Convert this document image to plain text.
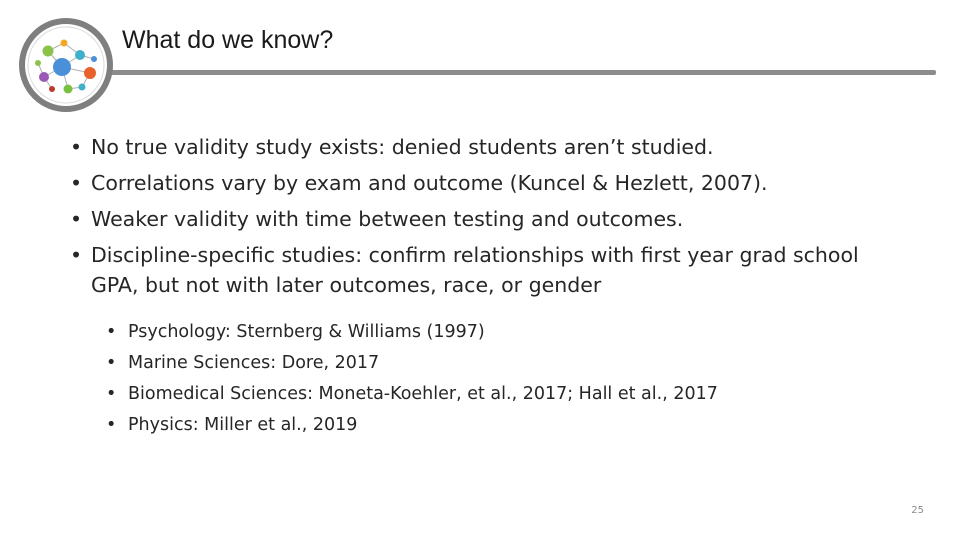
What do we know?
• No true validity study exists: denied students aren’t studied.
• Correlations vary by exam and outcome (Kuncel & Hezlett, 2007).
• Weaker validity with time between testing and outcomes.
• Discipline-specific studies: confirm relationships with first year grad school GPA, but not with later outcomes, race, or gender
• Psychology: Sternberg & Williams (1997)
• Marine Sciences: Dore, 2017
• Biomedical Sciences: Moneta-Koehler, et al., 2017; Hall et al., 2017
• Physics: Miller et al., 2019
25
